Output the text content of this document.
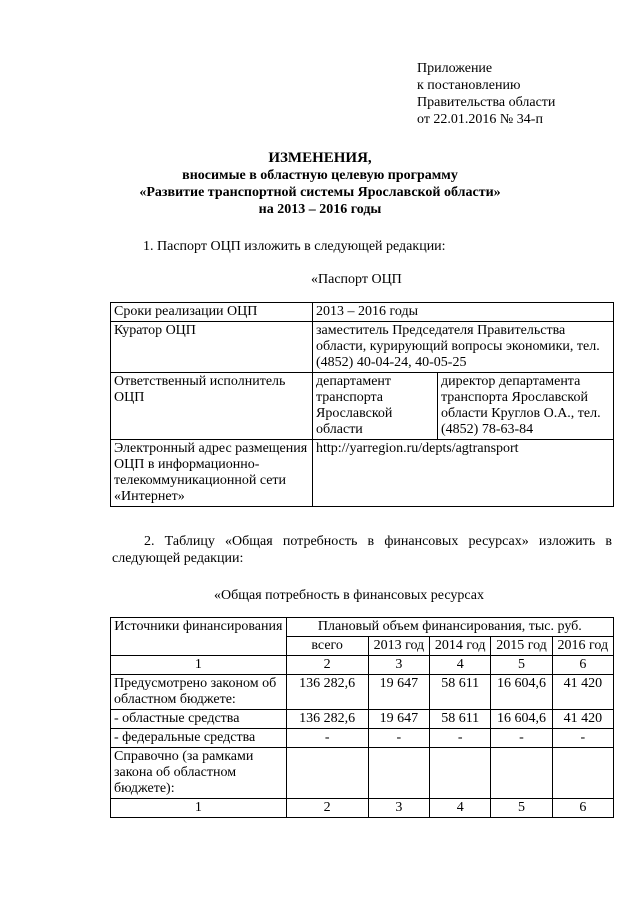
Приложение
к постановлению
Правительства области
от 22.01.2016 № 34-п
ИЗМЕНЕНИЯ,
вносимые в областную целевую программу
«Развитие транспортной системы Ярославской области»
на 2013 – 2016 годы
1. Паспорт ОЦП изложить в следующей редакции:
«Паспорт ОЦП
Сроки реализации ОЦП	2013 – 2016 годы	
Куратор ОЦП	заместитель Председателя Правительства области, курирующий вопросы экономики, тел. (4852) 40-04-24, 40-05-25	
Ответственный исполнитель ОЦП	департамент транспорта Ярославской области	директор департамента транспорта Ярославской области Круглов О.А., тел. (4852) 78-63-84
Электронный адрес размещения ОЦП в информационно-телекоммуникационной сети «Интернет»	http://yarregion.ru/depts/agtransport	
2. Таблицу «Общая потребность в финансовых ресурсах» изложить в
следующей редакции:
«Общая потребность в финансовых ресурсах
Источники финансирования	Плановый объем финансирования, тыс. руб.				
	всего	2013 год	2014 год	2015 год	2016 год
1	2	3	4	5	6
Предусмотрено законом об областном бюджете:	136 282,6	19 647	58 611	16 604,6	41 420
- областные средства	136 282,6	19 647	58 611	16 604,6	41 420
- федеральные средства	-	-	-	-	-
Справочно (за рамками закона об областном бюджете):					
1	2	3	4	5	6
